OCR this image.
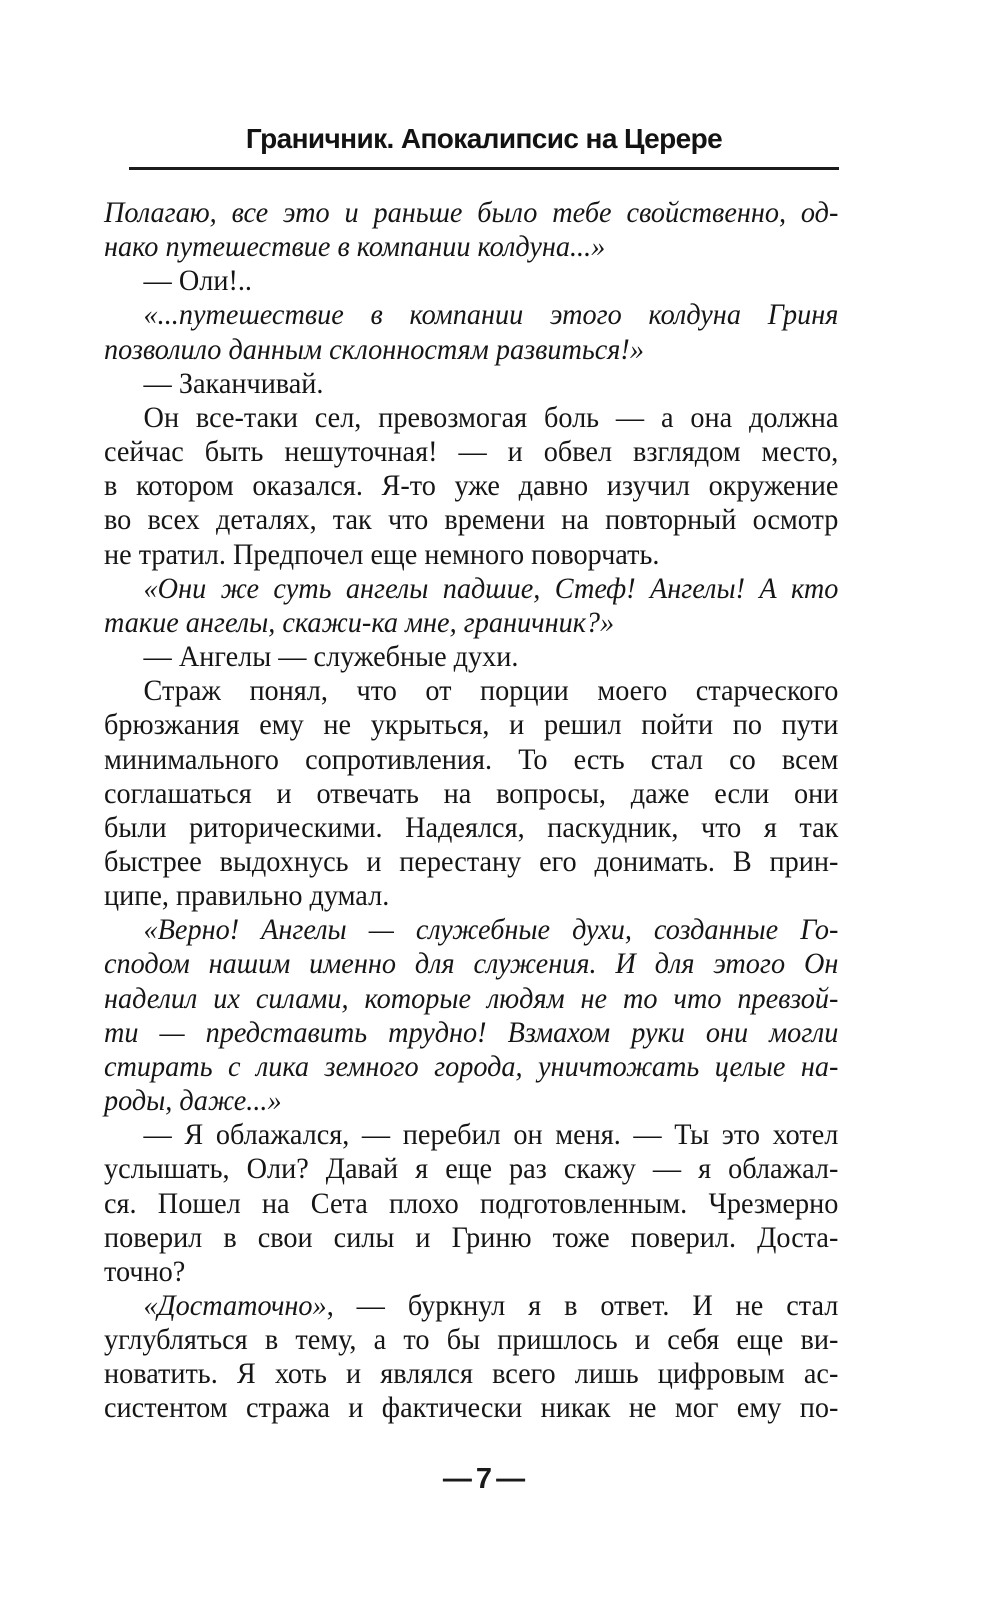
Граничник. Апокалипсис на Церере
Полагаю, все это и раньше было тебе свойственно, од-
нако путешествие в компании колдуна...»
— Оли!..
«...путешествие в компании этого колдуна Гриня
позволило данным склонностям развиться!»
— Заканчивай.
Он все-таки сел, превозмогая боль — а она должна
сейчас быть нешуточная! — и обвел взглядом место,
в котором оказался. Я-то уже давно изучил окружение
во всех деталях, так что времени на повторный осмотр
не тратил. Предпочел еще немного поворчать.
«Они же суть ангелы падшие, Стеф! Ангелы! А кто
такие ангелы, скажи-ка мне, граничник?»
— Ангелы — служебные духи.
Страж понял, что от порции моего старческого
брюзжания ему не укрыться, и решил пойти по пути
минимального сопротивления. То есть стал со всем
соглашаться и отвечать на вопросы, даже если они
были риторическими. Надеялся, паскудник, что я так
быстрее выдохнусь и перестану его донимать. В прин-
ципе, правильно думал.
«Верно! Ангелы — служебные духи, созданные Го-
сподом нашим именно для служения. И для этого Он
наделил их силами, которые людям не то что превзой-
ти — представить трудно! Взмахом руки они могли
стирать с лика земного города, уничтожать целые на-
роды, даже...»
— Я облажался, — перебил он меня. — Ты это хотел
услышать, Оли? Давай я еще раз скажу — я облажал-
ся. Пошел на Сета плохо подготовленным. Чрезмерно
поверил в свои силы и Гриню тоже поверил. Доста-
точно?
«Достаточно», — буркнул я в ответ. И не стал
углубляться в тему, а то бы пришлось и себя еще ви-
новатить. Я хоть и являлся всего лишь цифровым ас-
систентом стража и фактически никак не мог ему по-
— 7 —
